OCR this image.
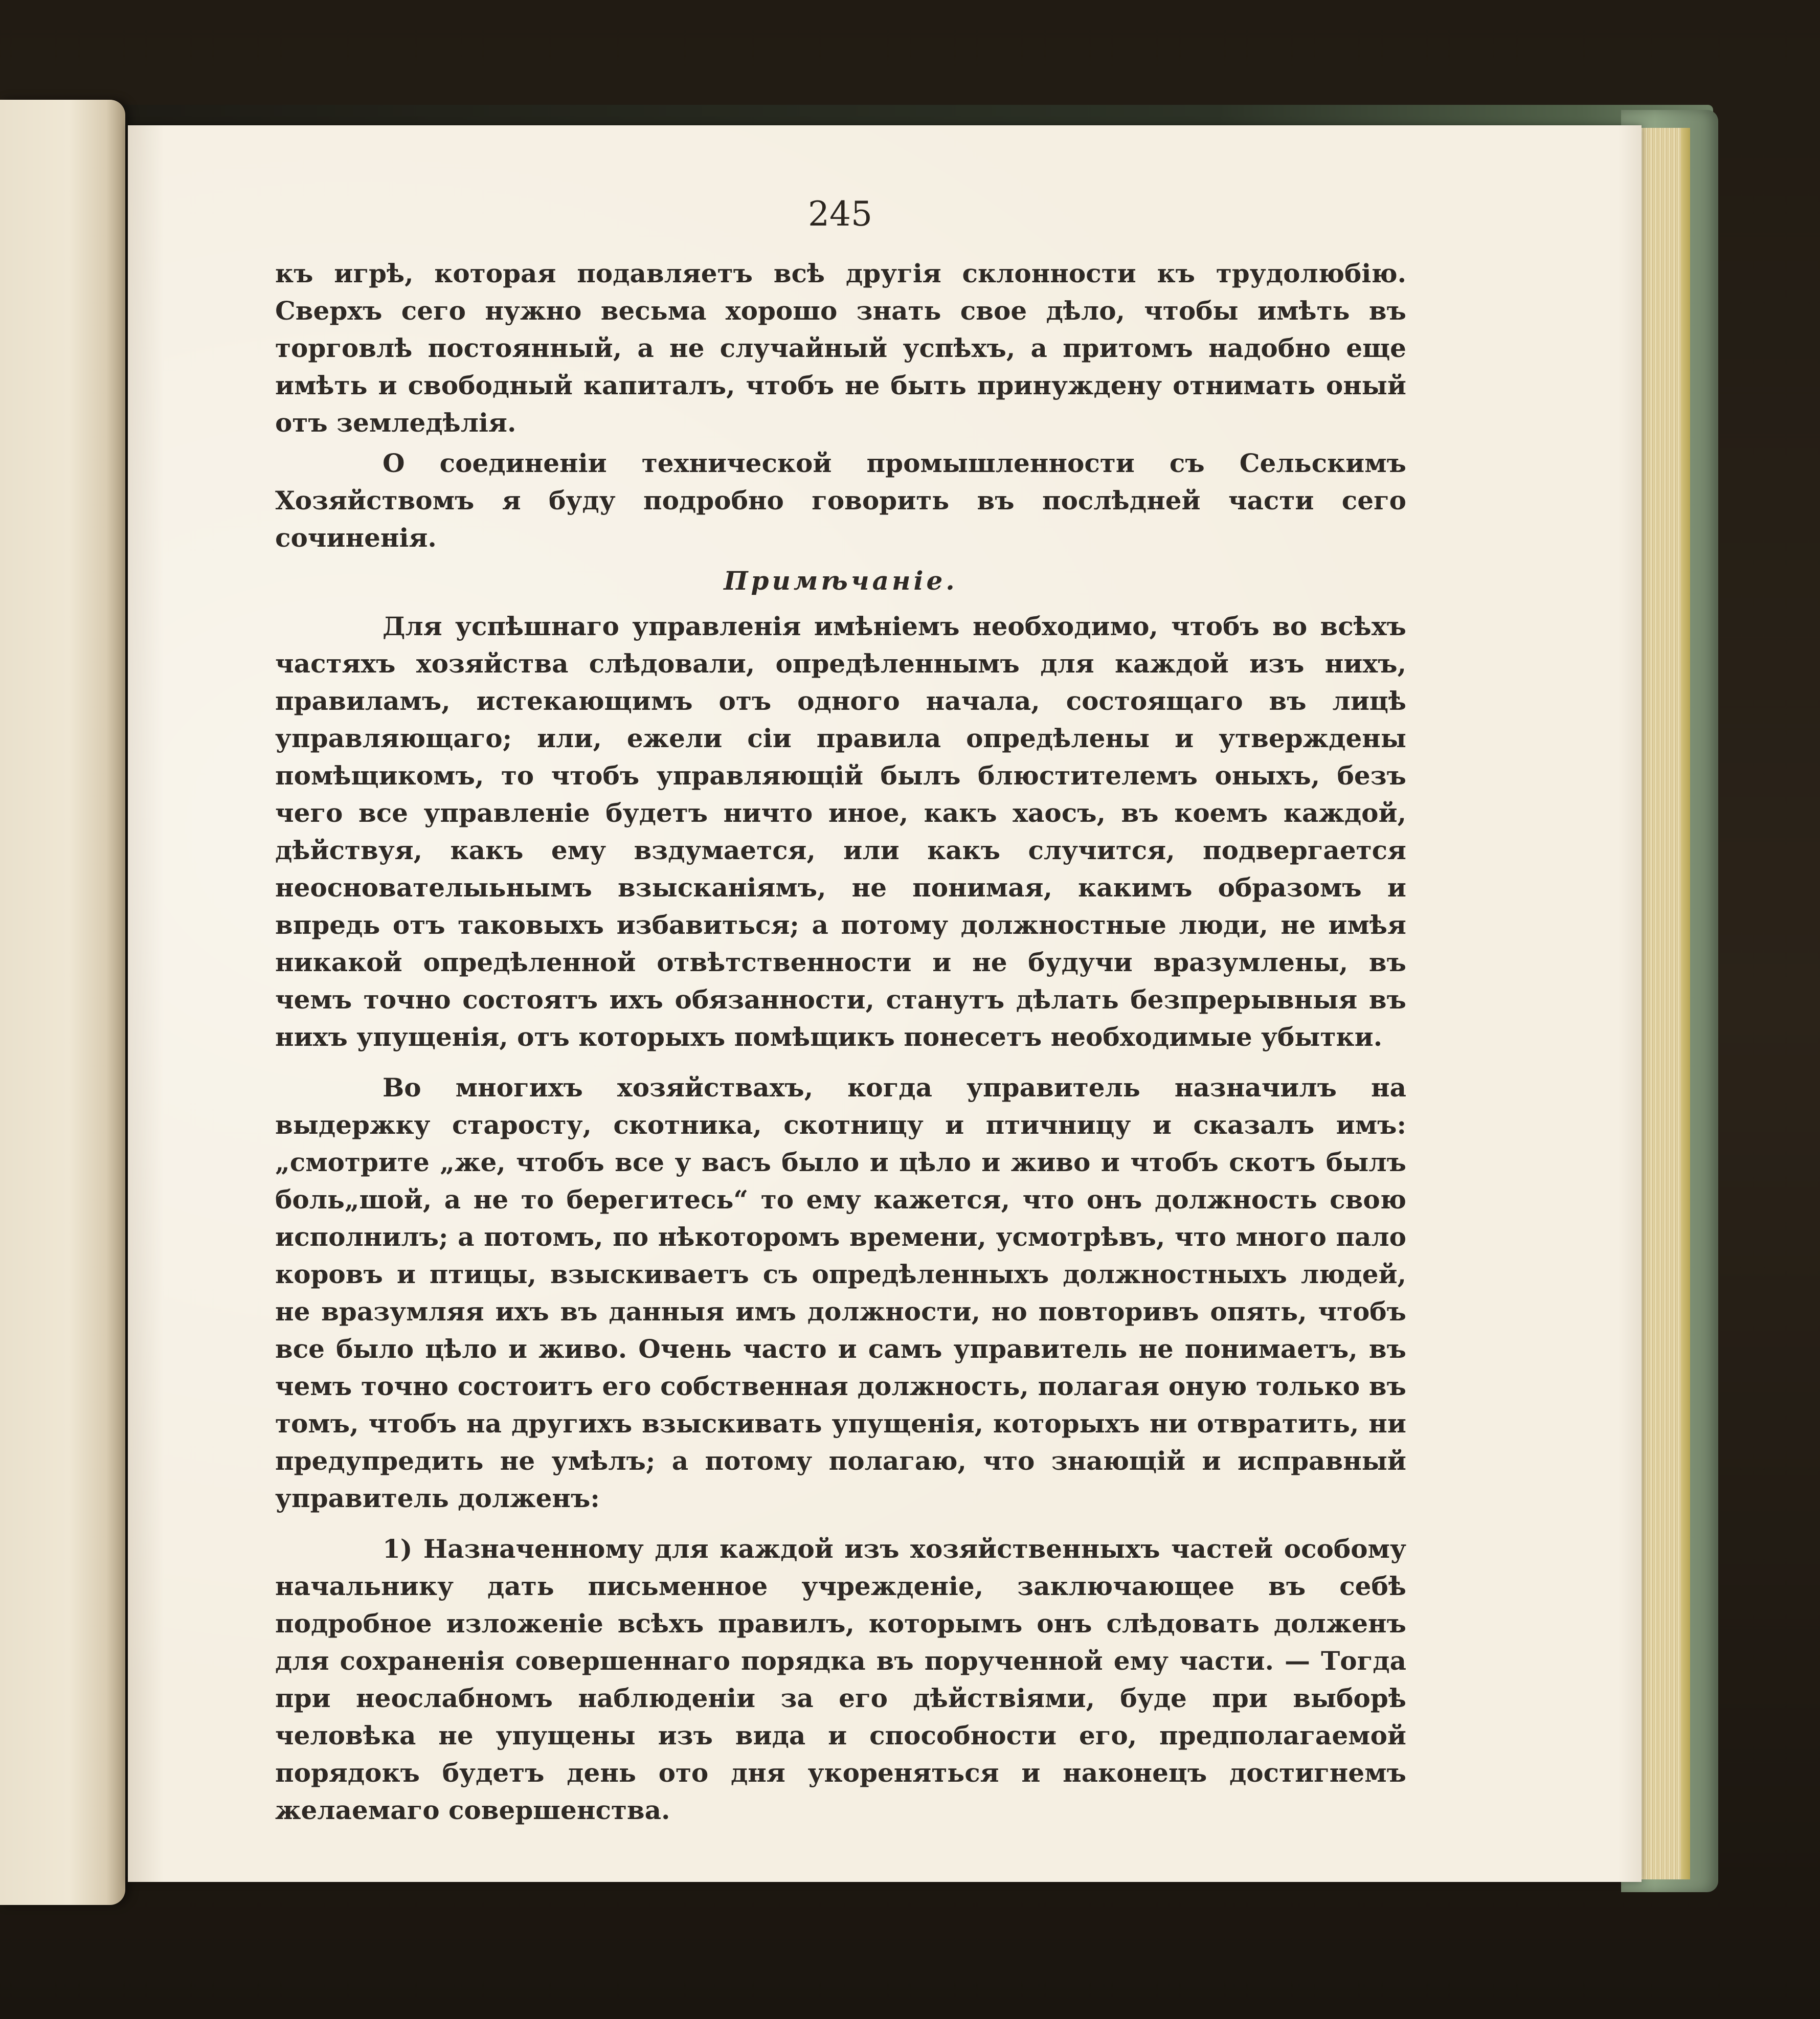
245

къ игрѣ, которая подавляетъ всѣ другія склонности къ трудолюбію. Сверхъ сего нужно весьма хорошо знать свое дѣло, чтобы имѣть въ торговлѣ постоянный, а не случайный успѣхъ, а притомъ надобно еще имѣть и свободный капиталъ, чтобъ не быть принуждену отнимать оный отъ земледѣлія.

О соединеніи технической промышленности съ Сельскимъ Хозяйствомъ я буду подробно говорить въ послѣдней части сего сочиненія.

Примѣчаніе.

Для успѣшнаго управленія имѣніемъ необходимо, чтобъ во всѣхъ частяхъ хозяйства слѣдовали, опредѣленнымъ для каждой изъ нихъ, правиламъ, истекающимъ отъ одного начала, состоящаго въ лицѣ управляющаго; или, ежели сіи правила опредѣлены и утверждены помѣщикомъ, то чтобъ управляющій былъ блюстителемъ оныхъ, безъ чего все управленіе будетъ ничто иное, какъ хаосъ, въ коемъ каждой, дѣйствуя, какъ ему вздумается, или какъ случится, подвергается неоснователыьнымъ взысканіямъ, не понимая, какимъ образомъ и впредь отъ таковыхъ избавиться; а потому должностные люди, не имѣя никакой опредѣленной отвѣтственности и не будучи вразумлены, въ чемъ точно состоятъ ихъ обязанности, станутъ дѣлать безпрерывныя въ нихъ упущенія, отъ которыхъ помѣщикъ понесетъ необходимые убытки.

Во многихъ хозяйствахъ, когда управитель назначилъ на выдержку старосту, скотника, скотницу и птичницу и сказалъ имъ: „смотрите „же, чтобъ все у васъ было и цѣло и живо и чтобъ скотъ былъ боль„шой, а не то берегитесь“ то ему кажется, что онъ должность свою исполнилъ; а потомъ, по нѣкоторомъ времени, усмотрѣвъ, что много пало коровъ и птицы, взыскиваетъ съ опредѣленныхъ должностныхъ людей, не вразумляя ихъ въ данныя имъ должности, но повторивъ опять, чтобъ все было цѣло и живо. Очень часто и самъ управитель не понимаетъ, въ чемъ точно состоитъ его собственная должность, полагая оную только въ томъ, чтобъ на другихъ взыскивать упущенія, которыхъ ни отвратить, ни предупредить не умѣлъ; а потому полагаю, что знающій и исправный управитель долженъ:

1) Назначенному для каждой изъ хозяйственныхъ частей особому начальнику дать письменное учрежденіе, заключающее въ себѣ подробное изложеніе всѣхъ правилъ, которымъ онъ слѣдовать долженъ для сохраненія совершеннаго порядка въ порученной ему части. — Тогда при неослабномъ наблюденіи за его дѣйствіями, буде при выборѣ человѣка не упущены изъ вида и способности его, предполагаемой порядокъ будетъ день ото дня укореняться и наконецъ достигнемъ желаемаго совершенства.
